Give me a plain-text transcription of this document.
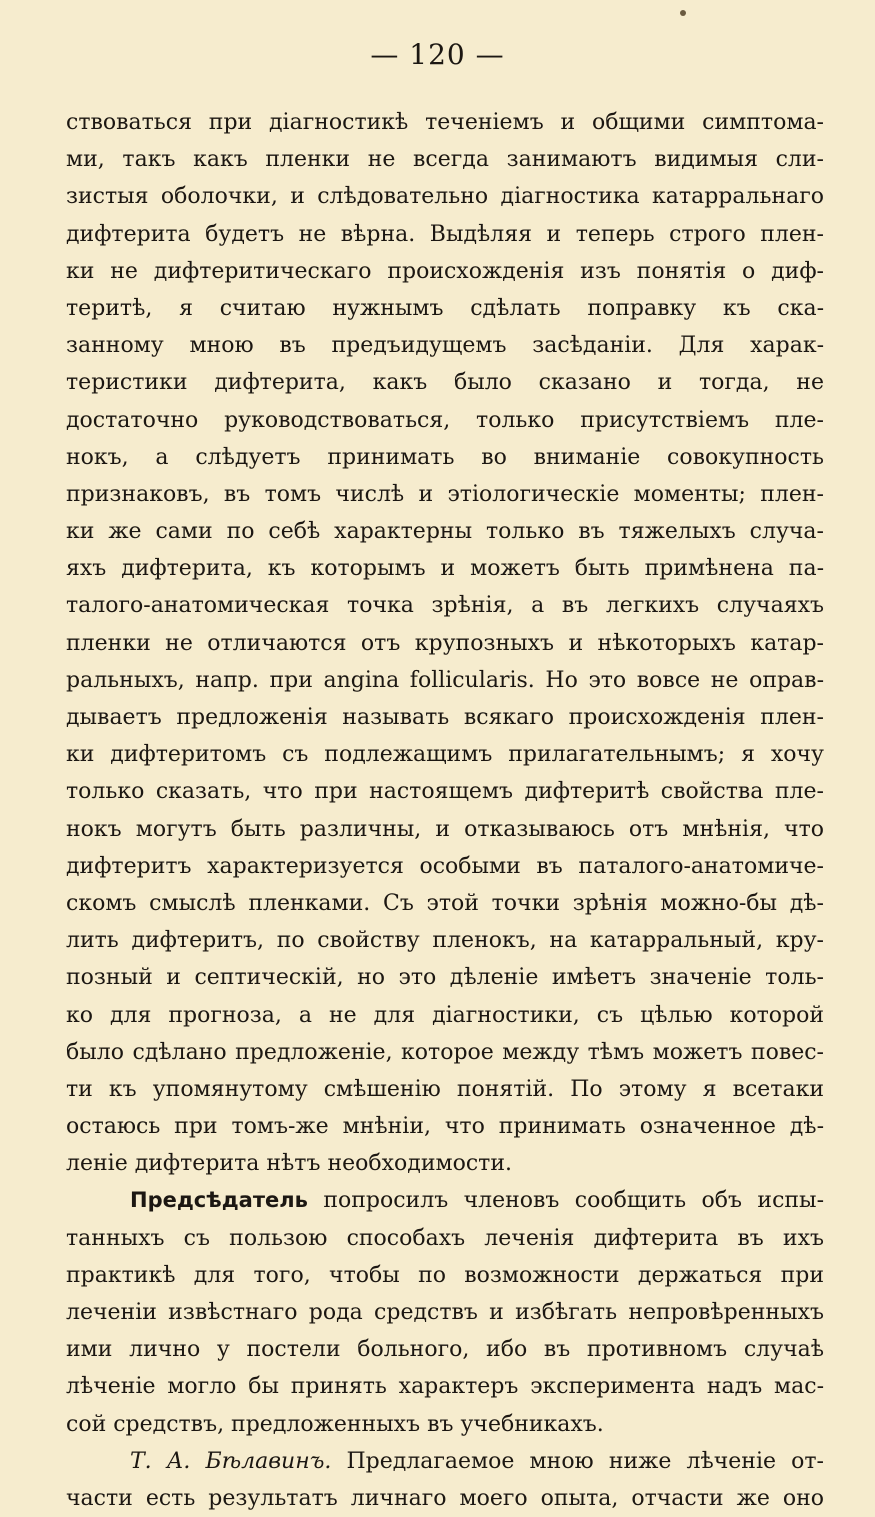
— 120 —
ствоваться при діагностикѣ теченіемъ и общими симптома-
ми, такъ какъ пленки не всегда занимаютъ видимыя сли-
зистыя оболочки, и слѣдовательно діагностика катарральнаго
дифтерита будетъ не вѣрна. Выдѣляя и теперь строго плен-
ки не дифтеритическаго происхожденія изъ понятія о диф-
теритѣ, я считаю нужнымъ сдѣлать поправку къ ска-
занному мною въ предъидущемъ засѣданіи. Для харак-
теристики дифтерита, какъ было сказано и тогда, не
достаточно руководствоваться, только присутствіемъ пле-
нокъ, а слѣдуетъ принимать во вниманіе совокупность
признаковъ, въ томъ числѣ и этіологическіе моменты; плен-
ки же сами по себѣ характерны только въ тяжелыхъ случа-
яхъ дифтерита, къ которымъ и можетъ быть примѣнена па-
талого-анатомическая точка зрѣнія, а въ легкихъ случаяхъ
пленки не отличаются отъ крупозныхъ и нѣкоторыхъ катар-
ральныхъ, напр. при angina follicularis. Но это вовсе не оправ-
дываетъ предложенія называть всякаго происхожденія плен-
ки дифтеритомъ съ подлежащимъ прилагательнымъ; я хочу
только сказать, что при настоящемъ дифтеритѣ свойства пле-
нокъ могутъ быть различны, и отказываюсь отъ мнѣнія, что
дифтеритъ характеризуется особыми въ паталого-анатомиче-
скомъ смыслѣ пленками. Съ этой точки зрѣнія можно-бы дѣ-
лить дифтеритъ, по свойству пленокъ, на катарральный, кру-
позный и септическій, но это дѣленіе имѣетъ значеніе толь-
ко для прогноза, а не для діагностики, съ цѣлью которой
было сдѣлано предложеніе, которое между тѣмъ можетъ повес-
ти къ упомянутому смѣшенію понятій. По этому я всетаки
остаюсь при томъ-же мнѣніи, что принимать означенное дѣ-
леніе дифтерита нѣтъ необходимости.
Предсѣдатель попросилъ членовъ сообщить объ испы-
танныхъ съ пользою способахъ леченія дифтерита въ ихъ
практикѣ для того, чтобы по возможности держаться при
леченіи извѣстнаго рода средствъ и избѣгать непровѣренныхъ
ими лично у постели больного, ибо въ противномъ случаѣ
лѣченіе могло бы принять характеръ эксперимента надъ мас-
сой средствъ, предложенныхъ въ учебникахъ.
Т. А. Бѣлавинъ. Предлагаемое мною ниже лѣченіе от-
части есть результатъ личнаго моего опыта, отчасти же оно
